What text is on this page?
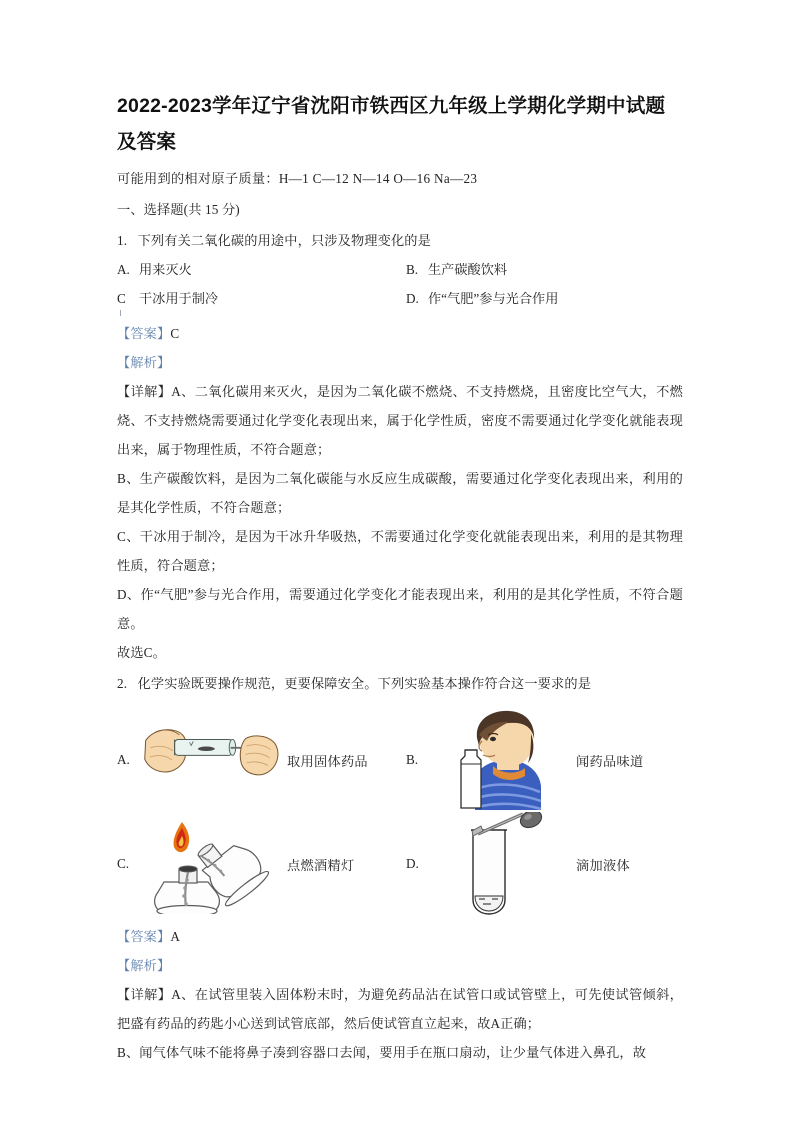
2022-2023学年辽宁省沈阳市铁西区九年级上学期化学期中试题及答案

可能用到的相对原子质量：H—1 C—12 N—14 O—16 Na—23

一、选择题(共 15 分)

1. 下列有关二氧化碳的用途中，只涉及物理变化的是

A. 用来灭火	B. 生产碳酸饮料
C	干冰用于制冷	D. 作“气肥”参与光合作用

【答案】C

【解析】

【详解】A、二氧化碳用来灭火，是因为二氧化碳不燃烧、不支持燃烧，且密度比空气大，不燃烧、不支持燃烧需要通过化学变化表现出来，属于化学性质，密度不需要通过化学变化就能表现出来，属于物理性质，不符合题意；

B、生产碳酸饮料，是因为二氧化碳能与水反应生成碳酸，需要通过化学变化表现出来，利用的是其化学性质，不符合题意；

C、干冰用于制冷，是因为干冰升华吸热，不需要通过化学变化就能表现出来，利用的是其物理性质，符合题意；

D、作“气肥”参与光合作用，需要通过化学变化才能表现出来，利用的是其化学性质，不符合题意。

故选C。

2. 化学实验既要操作规范，更要保障安全。下列实验基本操作符合这一要求的是

A.	取用固体药品	B.	闻药品味道
C.	点燃酒精灯	D.	滴加液体

【答案】A

【解析】

【详解】A、在试管里装入固体粉末时，为避免药品沾在试管口或试管壁上，可先使试管倾斜，把盛有药品的药匙小心送到试管底部，然后使试管直立起来，故A正确；

B、闻气体气味不能将鼻子凑到容器口去闻，要用手在瓶口扇动，让少量气体进入鼻孔，故
